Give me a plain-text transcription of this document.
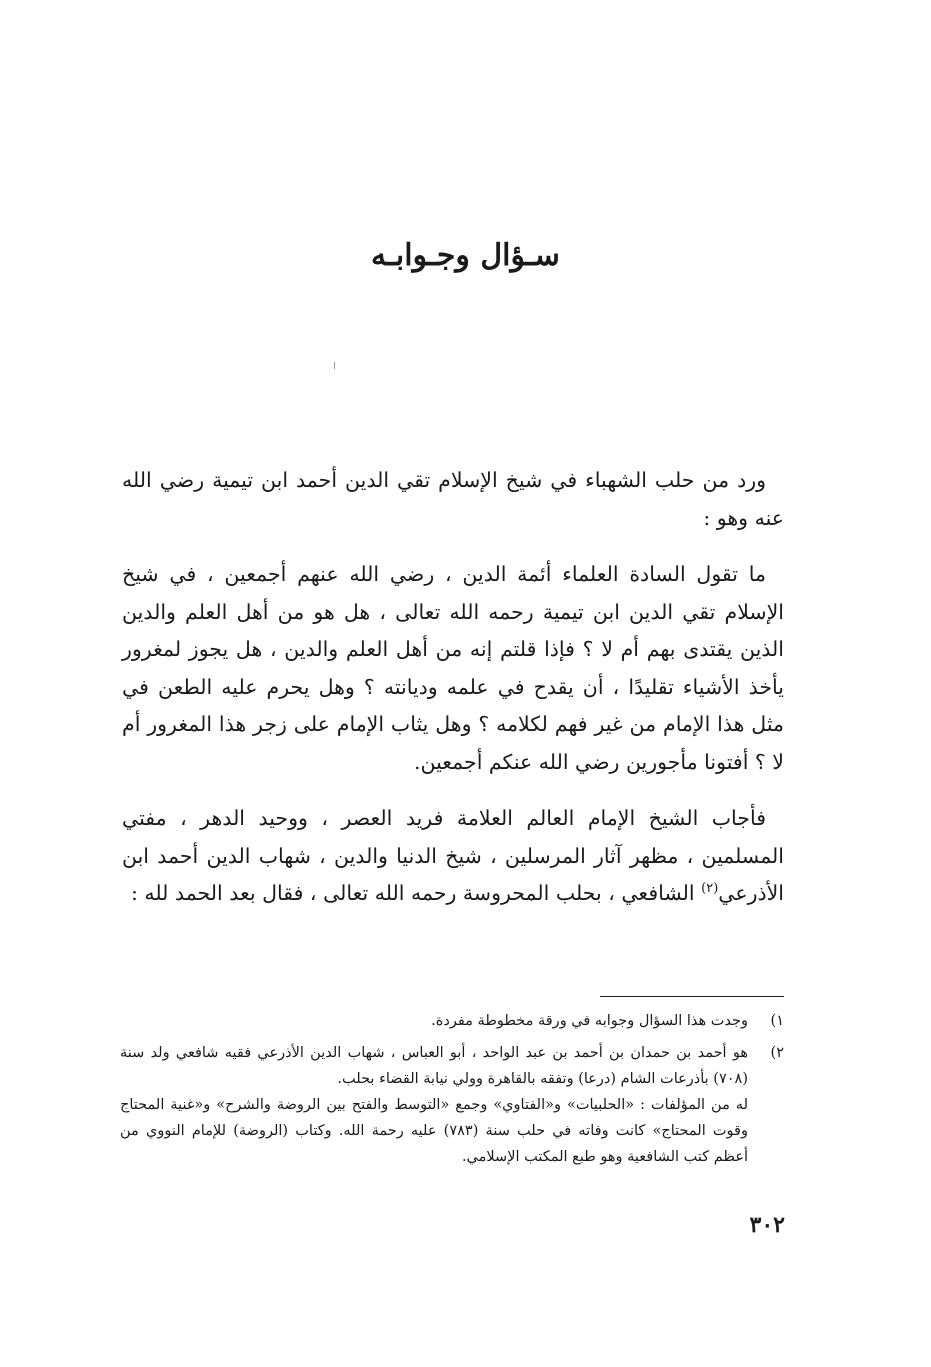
سـؤال وجـوابـه

ورد من حلب الشهباء في شيخ الإسلام تقي الدين أحمد ابن تيمية رضي الله عنه وهو :

ما تقول السادة العلماء أئمة الدين ، رضي الله عنهم أجمعين ، في شيخ الإسلام تقي الدين ابن تيمية رحمه الله تعالى ، هل هو من أهل العلم والدين الذين يقتدى بهم أم لا ؟ فإذا قلتم إنه من أهل العلم والدين ، هل يجوز لمغرور يأخذ الأشياء تقليدًا ، أن يقدح في علمه وديانته ؟ وهل يحرم عليه الطعن في مثل هذا الإمام من غير فهم لكلامه ؟ وهل يثاب الإمام على زجر هذا المغرور أم لا ؟ أفتونا مأجورين رضي الله عنكم أجمعين.

فأجاب الشيخ الإمام العالم العلامة فريد العصر ، ووحيد الدهر ، مفتي المسلمين ، مظهر آثار المرسلين ، شيخ الدنيا والدين ، شهاب الدين أحمد ابن الأذرعي$^{(٢)}$ الشافعي ، بحلب المحروسة رحمه الله تعالى ، فقال بعد الحمد لله :

١)
وجدت هذا السؤال وجوابه في ورقة مخطوطة مفردة.
٢)
هو أحمد بن حمدان بن أحمد بن عبد الواحد ، أبو العباس ، شهاب الدين الأذرعي فقيه شافعي ولد سنة (٧٠٨) بأذرعات الشام (درعا) وتفقه بالقاهرة وولي نيابة القضاء بحلب.
له من المؤلفات : «الحلبيات» و«الفتاوي» وجمع «التوسط والفتح بين الروضة والشرح» و«غنية المحتاج وقوت المحتاج» كانت وفاته في حلب سنة (٧٨٣) عليه رحمة الله. وكتاب (الروضة) للإمام النووي من أعظم كتب الشافعية وهو طبع المكتب الإسلامي.
٣٠٢
